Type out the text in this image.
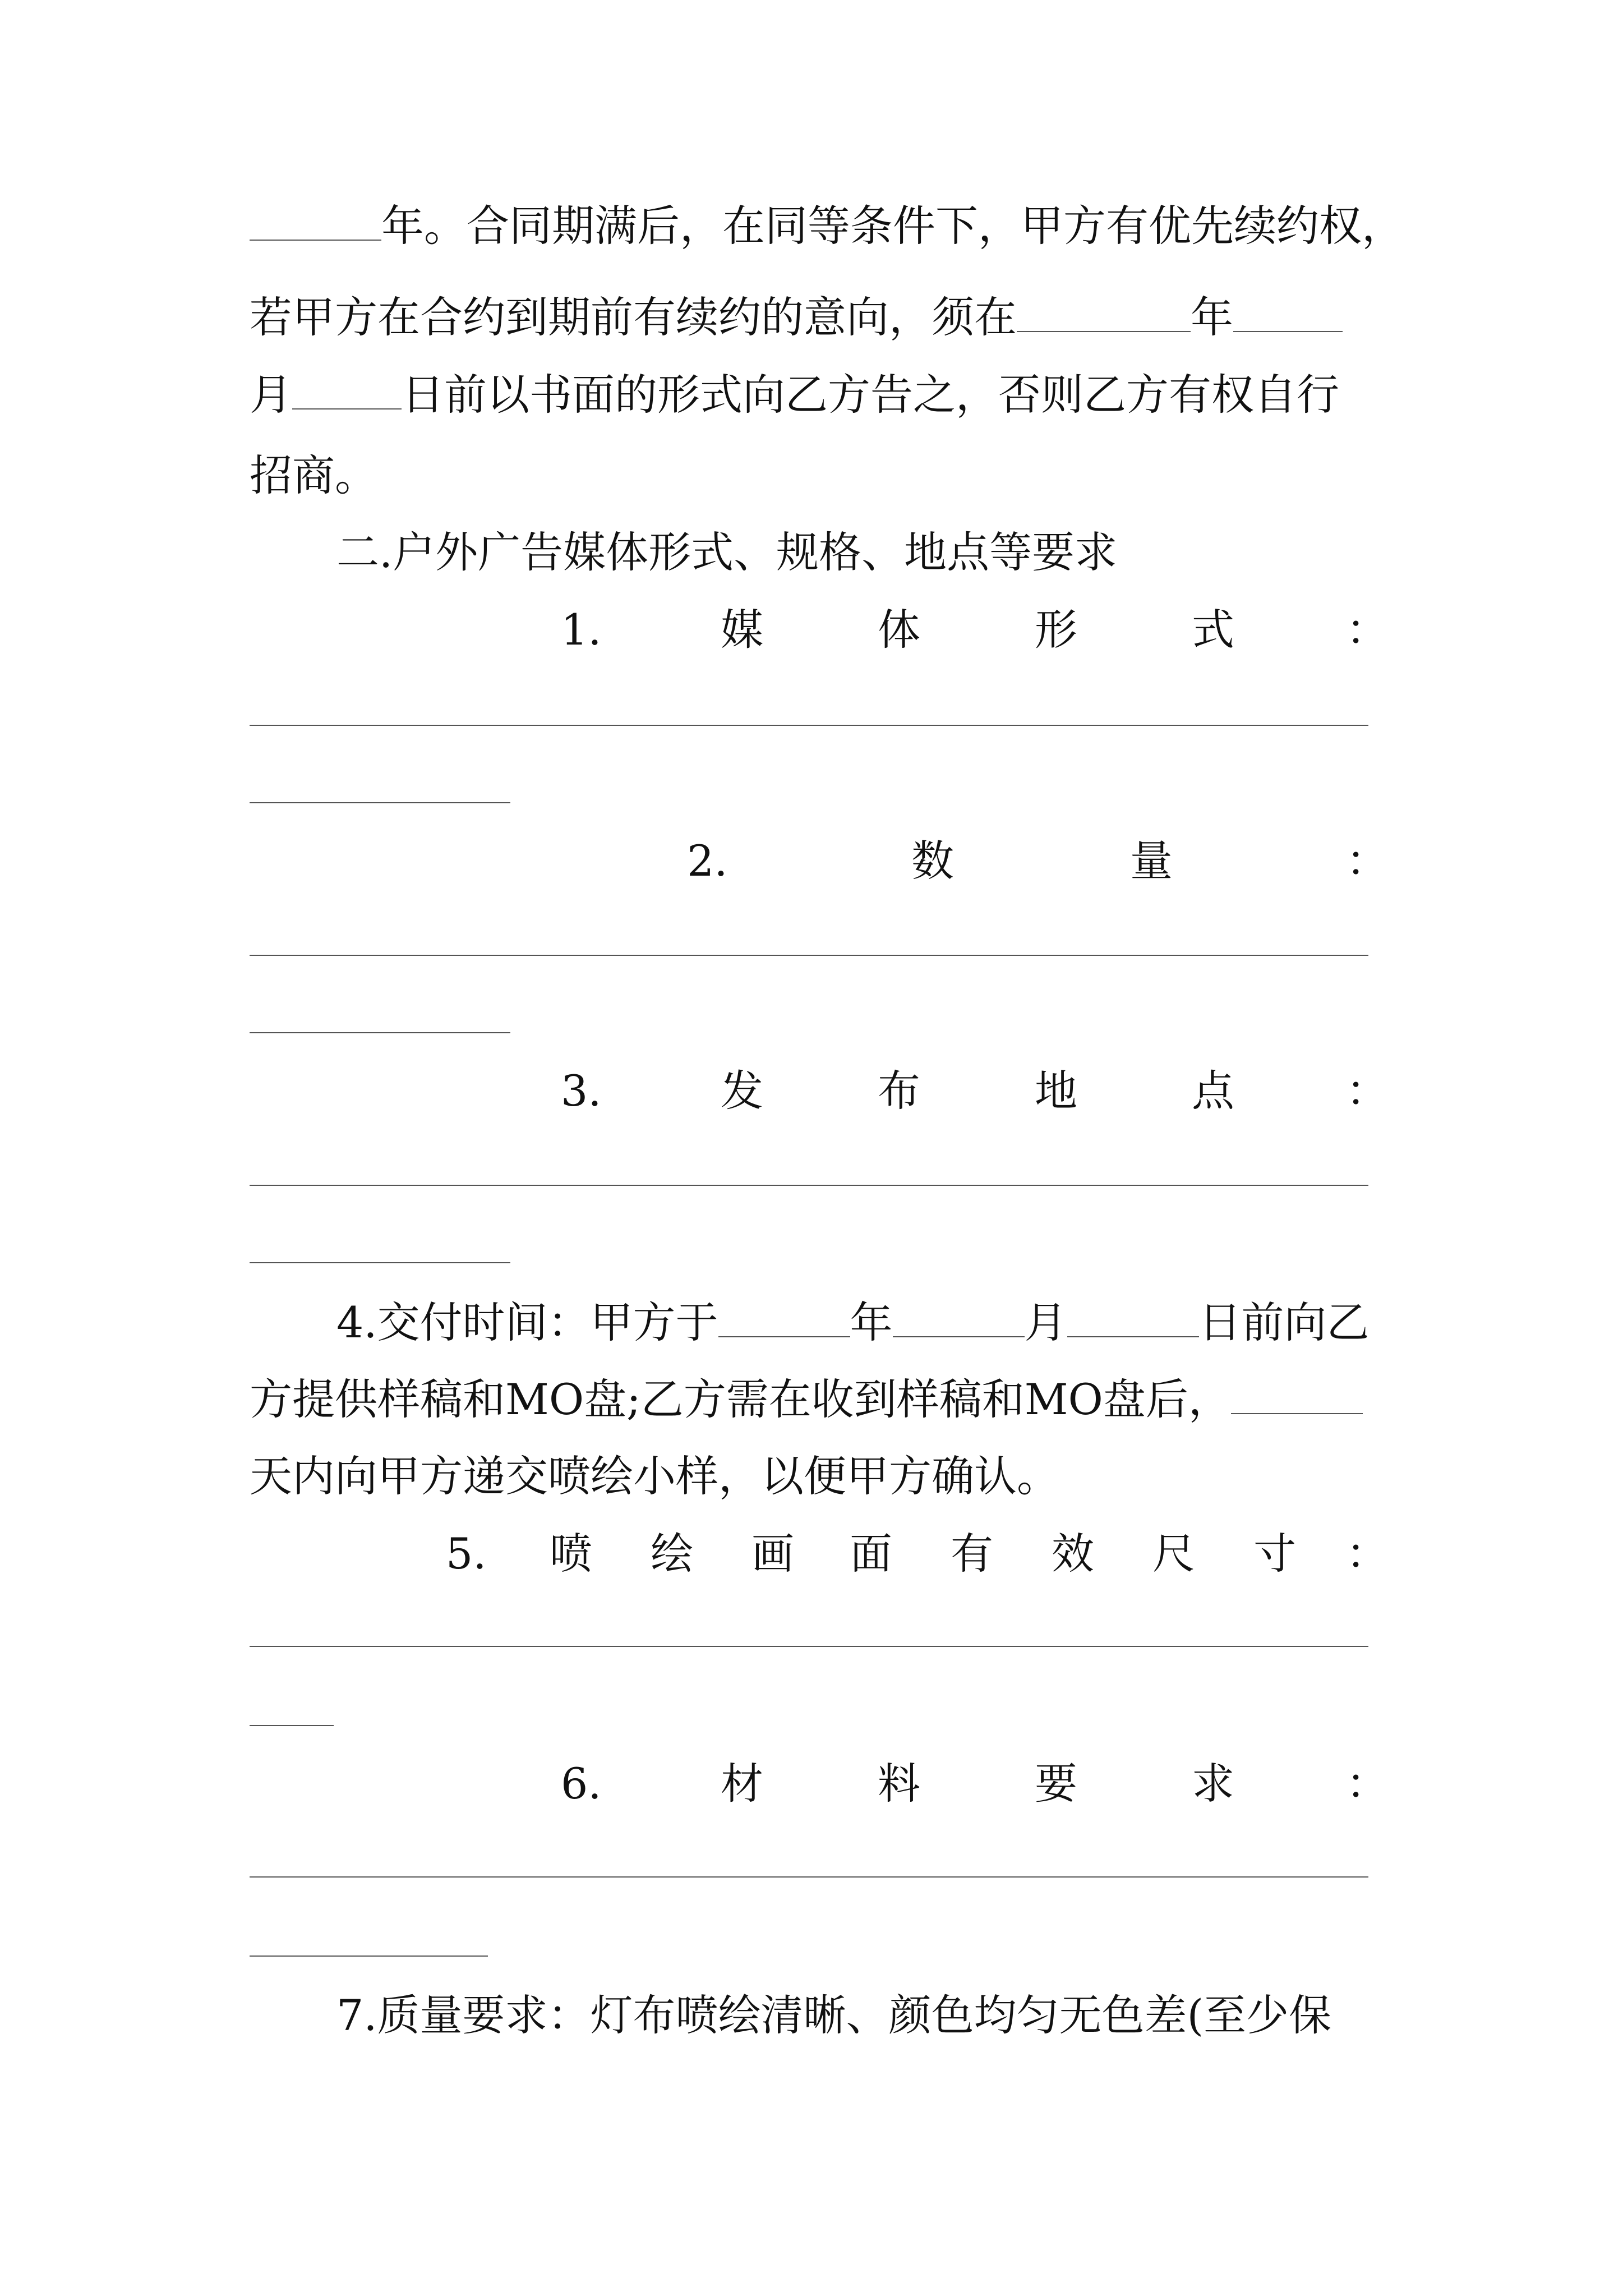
年。合同期满后，在同等条件下，甲方有优先续约权，

若甲方在合约到期前有续约的意向，须在	年

月	日前以书面的形式向乙方告之，否则乙方有权自行

招商。

二.户外广告媒体形式、规格、地点等要求

1.	媒	体	形	式	：
2.	数	量	：
3.	发	布	地	点	：

4.交付时间：甲方于	年	月	日前向乙

方提供样稿和MO盘;乙方需在收到样稿和MO盘后，

天内向甲方递交喷绘小样，以便甲方确认。

5. 喷 绘 画 面 有 效 尺 寸 ：
6.	材	料	要	求	：

7.质量要求：灯布喷绘清晰、颜色均匀无色差(至少保
